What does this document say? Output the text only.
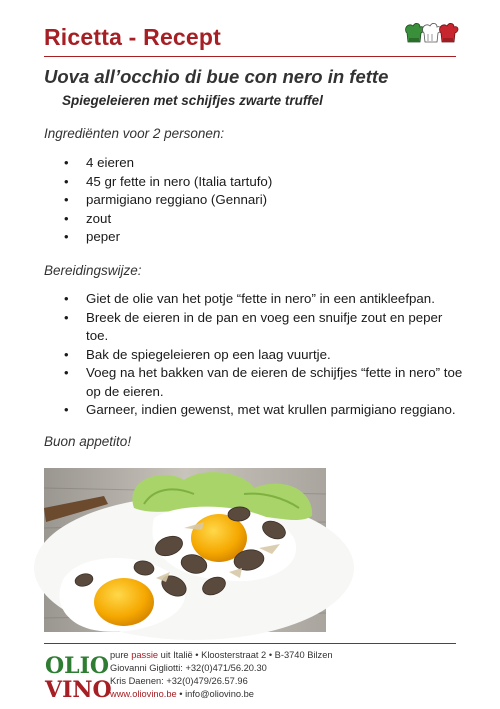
Ricetta - Recept
Uova all’occhio di bue con nero in fette
Spiegeleieren met schijfjes zwarte truffel
Ingrediënten voor 2 personen:
• 4 eieren
• 45 gr fette in nero (Italia tartufo)
• parmigiano reggiano (Gennari)
• zout
• peper
Bereidingswijze:
• Giet de olie van het potje “fette in nero” in een antikleefpan.
• Breek de eieren in de pan en voeg een snuifje zout en peper toe.
• Bak de spiegeleieren op een laag vuurtje.
• Voeg na het bakken van de eieren de schijfjes “fette in nero” toe op de eieren.
• Garneer, indien gewenst, met wat krullen parmigiano reggiano.
Buon appetito!
OLIO
VINO
pure passie uit Italië • Kloosterstraat 2 • B-3740 Bilzen
Giovanni Gigliotti: +32(0)471/56.20.30
Kris Daenen: +32(0)479/26.57.96
www.oliovino.be • info@oliovino.be
